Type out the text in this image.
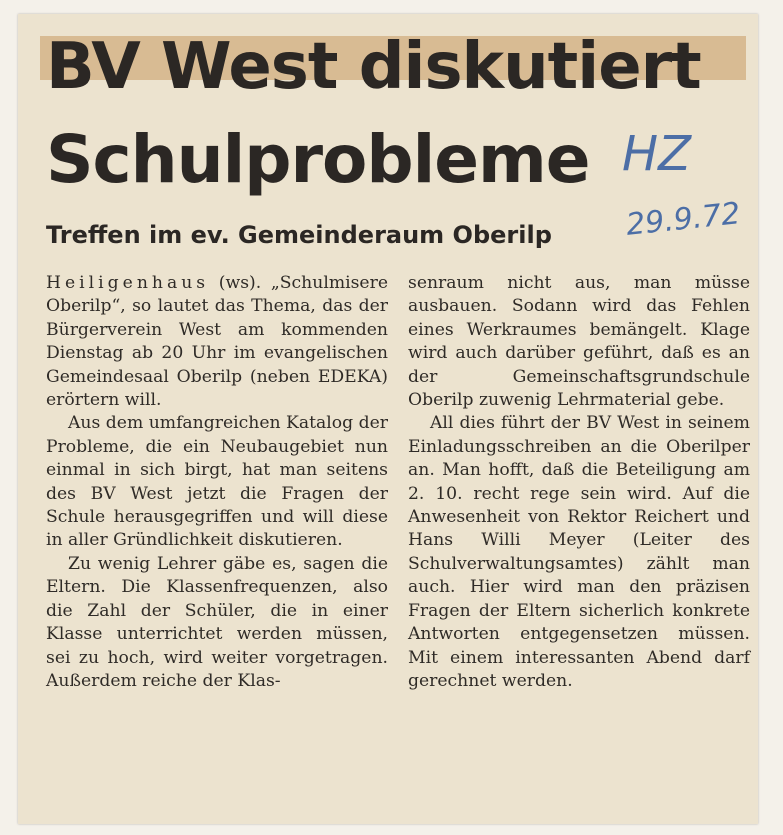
BV West diskutiert
Schulprobleme HZ
Treffen im ev. Gemeinderaum Oberilp 29.9.72

Heiligenhaus (ws). „Schulmisere Oberilp“, so lautet das Thema, das der Bürgerverein West am kommenden Dienstag ab 20 Uhr im evangelischen Gemeindesaal Oberilp (neben EDEKA) erörtern will.

Aus dem umfangreichen Katalog der Probleme, die ein Neubaugebiet nun einmal in sich birgt, hat man seitens des BV West jetzt die Fragen der Schule herausgegriffen und will diese in aller Gründlichkeit diskutieren.

Zu wenig Lehrer gäbe es, sagen die Eltern. Die Klassenfrequenzen, also die Zahl der Schüler, die in einer Klasse unterrichtet werden müssen, sei zu hoch, wird weiter vorgetragen. Außerdem reiche der Klas-

senraum nicht aus, man müsse ausbauen. Sodann wird das Fehlen eines Werkraumes bemängelt. Klage wird auch darüber geführt, daß es an der Gemeinschaftsgrundschule Oberilp zuwenig Lehrmaterial gebe.

All dies führt der BV West in seinem Einladungsschreiben an die Oberilper an. Man hofft, daß die Beteiligung am 2. 10. recht rege sein wird. Auf die Anwesenheit von Rektor Reichert und Hans Willi Meyer (Leiter des Schulverwaltungsamtes) zählt man auch. Hier wird man den präzisen Fragen der Eltern sicherlich konkrete Antworten entgegensetzen müssen. Mit einem interessanten Abend darf gerechnet werden.
